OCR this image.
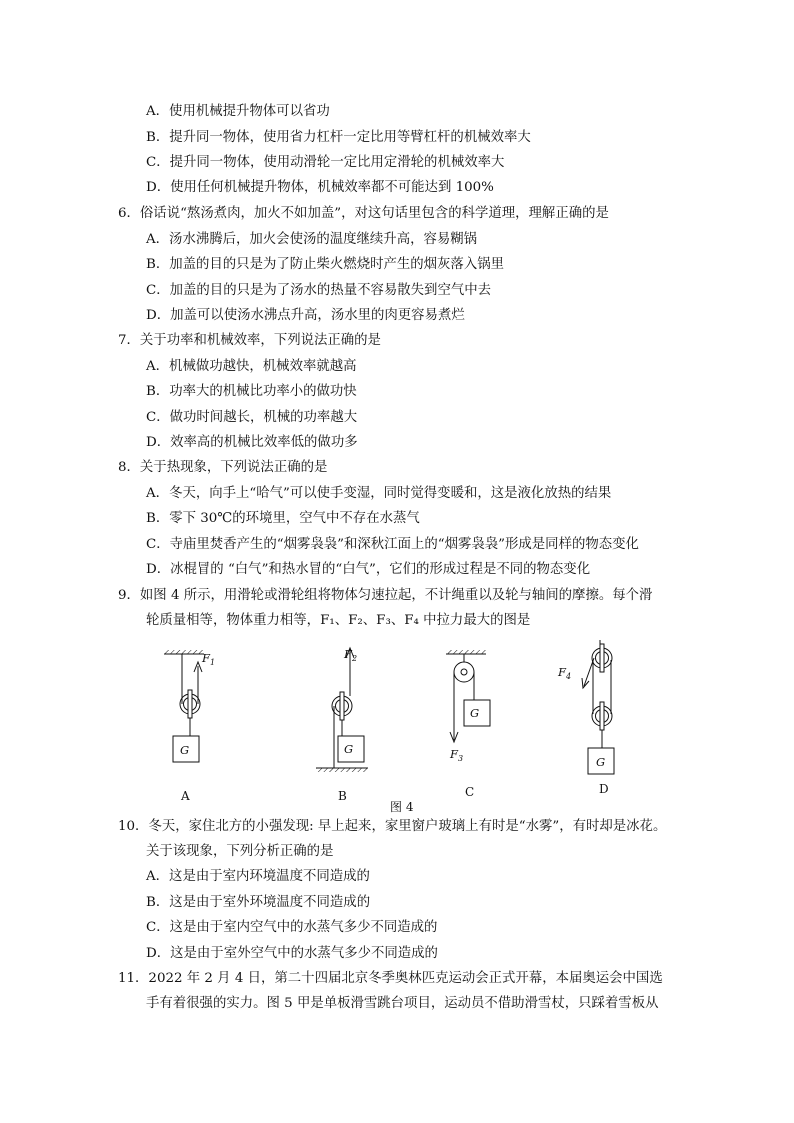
A．使用机械提升物体可以省功
B．提升同一物体，使用省力杠杆一定比用等臂杠杆的机械效率大
C．提升同一物体，使用动滑轮一定比用定滑轮的机械效率大
D．使用任何机械提升物体，机械效率都不可能达到 100%
6．俗话说“熬汤煮肉，加火不如加盖”，对这句话里包含的科学道理，理解正确的是
A．汤水沸腾后，加火会使汤的温度继续升高，容易糊锅
B．加盖的目的只是为了防止柴火燃烧时产生的烟灰落入锅里
C．加盖的目的只是为了汤水的热量不容易散失到空气中去
D．加盖可以使汤水沸点升高，汤水里的肉更容易煮烂
7．关于功率和机械效率，下列说法正确的是
A．机械做功越快，机械效率就越高
B．功率大的机械比功率小的做功快
C．做功时间越长，机械的功率越大
D．效率高的机械比效率低的做功多
8．关于热现象，下列说法正确的是
A．冬天，向手上“哈气”可以使手变湿，同时觉得变暖和，这是液化放热的结果
B．零下 30℃的环境里，空气中不存在水蒸气
C．寺庙里焚香产生的“烟雾袅袅”和深秋江面上的“烟雾袅袅”形成是同样的物态变化
D．冰棍冒的 “白气”和热水冒的“白气”，它们的形成过程是不同的物态变化
9．如图 4 所示，用滑轮或滑轮组将物体匀速拉起，不计绳重以及轮与轴间的摩擦。每个滑
轮质量相等，物体重力相等，F₁、F₂、F₃、F₄ 中拉力最大的图是
$F_1$
G
A
$F_2$
G
B
G
$F_3$
C
$F_4$
G
D
图 4
10．冬天，家住北方的小强发现: 早上起来，家里窗户玻璃上有时是“水雾”，有时却是冰花。
关于该现象，下列分析正确的是
A．这是由于室内环境温度不同造成的
B．这是由于室外环境温度不同造成的
C．这是由于室内空气中的水蒸气多少不同造成的
D．这是由于室外空气中的水蒸气多少不同造成的
11．2022 年 2 月 4 日，第二十四届北京冬季奥林匹克运动会正式开幕，本届奥运会中国选
手有着很强的实力。图 5 甲是单板滑雪跳台项目，运动员不借助滑雪杖，只踩着雪板从
